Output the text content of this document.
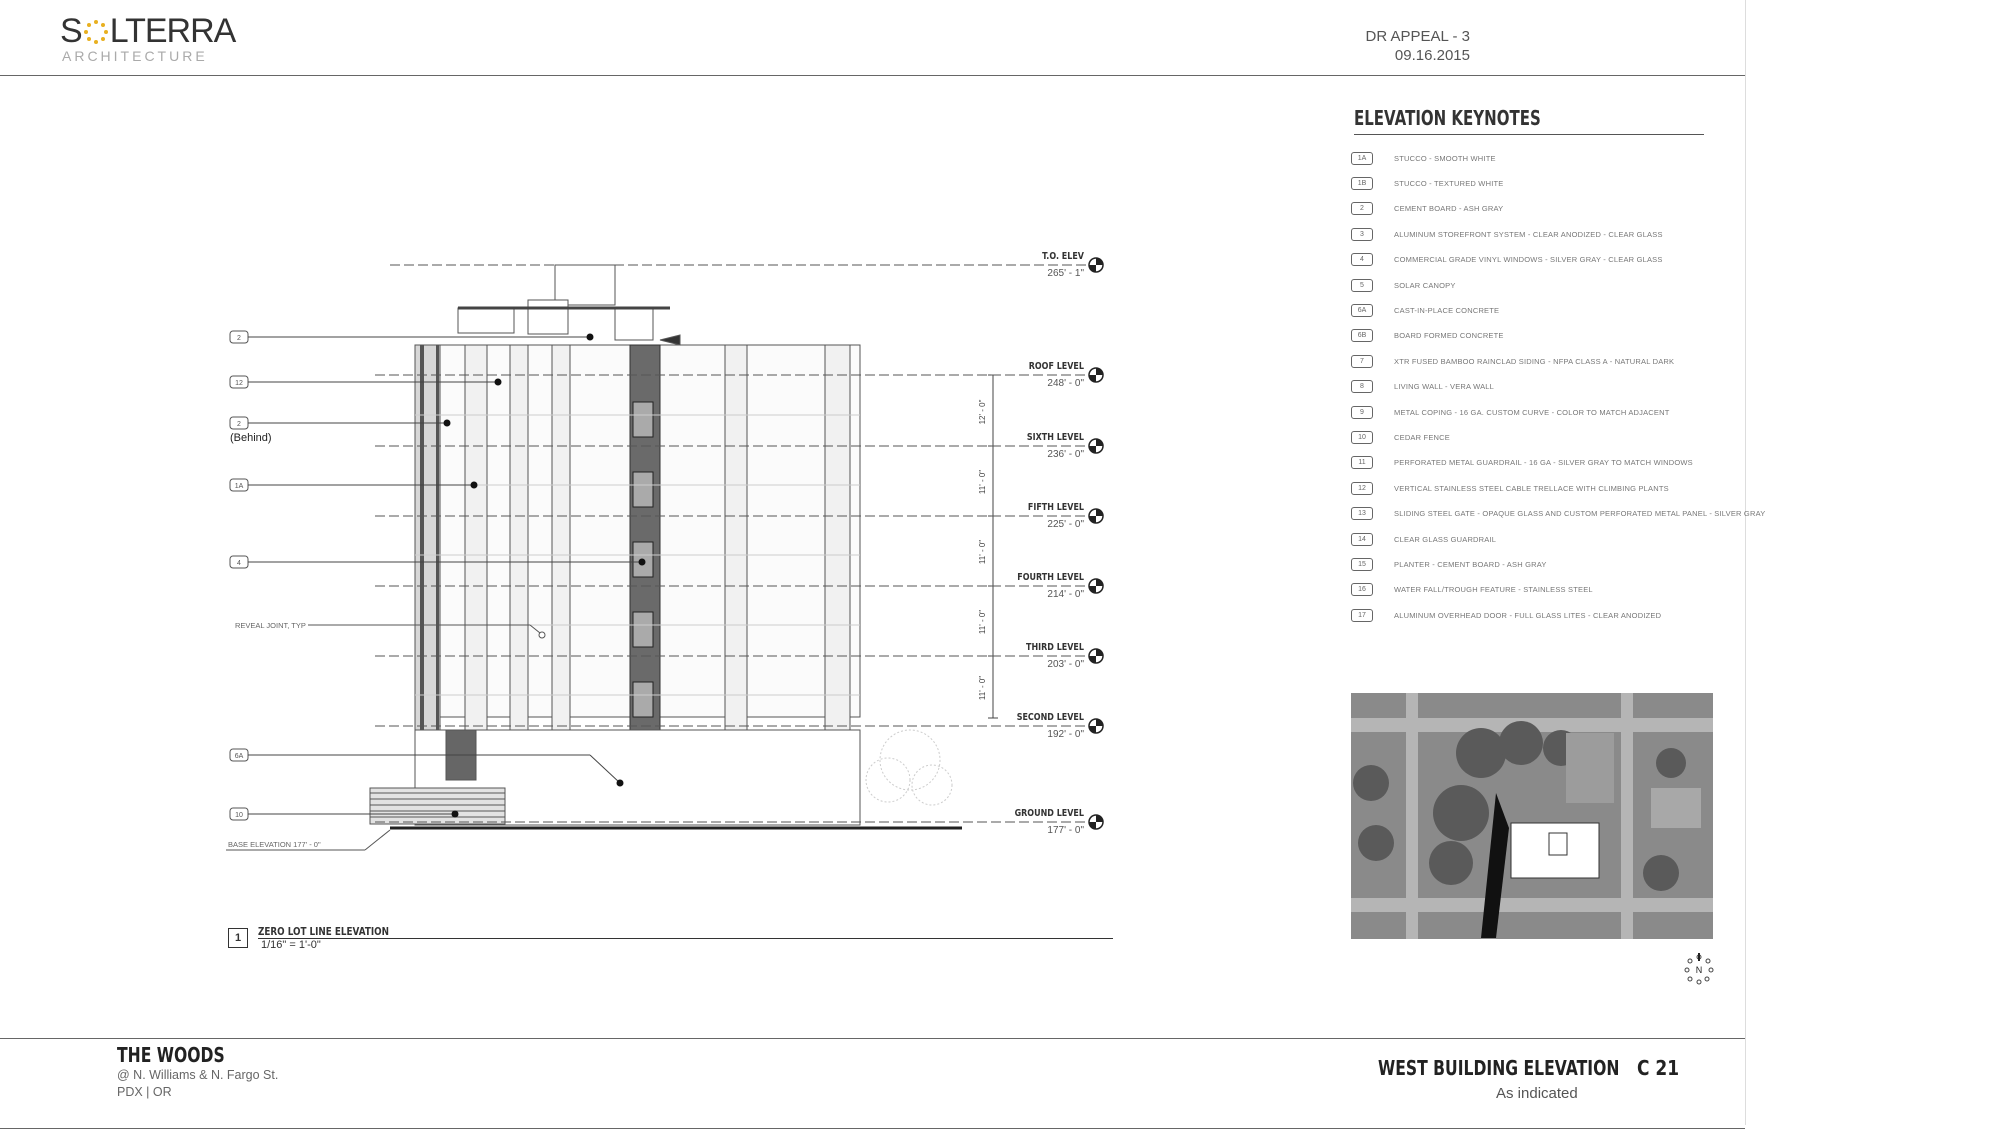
S LTERRA
ARCHITECTURE
DR APPEAL - 3
09.16.2015
12' - 0"
11' - 0"
11' - 0"
11' - 0"
11' - 0"
T.O. ELEV
265' - 1"
ROOF LEVEL
248' - 0"
SIXTH LEVEL
236' - 0"
FIFTH LEVEL
225' - 0"
FOURTH LEVEL
214' - 0"
THIRD LEVEL
203' - 0"
SECOND LEVEL
192' - 0"
GROUND LEVEL
177' - 0"
2
12
2
(Behind)
1A
4
6A
10
REVEAL JOINT, TYP
BASE ELEVATION 177' - 0"
1	ZERO LOT LINE ELEVATION
1/16" = 1'-0"
ELEVATION KEYNOTES
1A	STUCCO - SMOOTH WHITE
1B	STUCCO - TEXTURED WHITE
2	CEMENT BOARD - ASH GRAY
3	ALUMINUM STOREFRONT SYSTEM - CLEAR ANODIZED - CLEAR GLASS
4	COMMERCIAL GRADE VINYL WINDOWS - SILVER GRAY - CLEAR GLASS
5	SOLAR CANOPY
6A	CAST-IN-PLACE CONCRETE
6B	BOARD FORMED CONCRETE
7	XTR FUSED BAMBOO RAINCLAD SIDING - NFPA CLASS A - NATURAL DARK
8	LIVING WALL - VERA WALL
9	METAL COPING - 16 GA. CUSTOM CURVE - COLOR TO MATCH ADJACENT
10	CEDAR FENCE
11	PERFORATED METAL GUARDRAIL - 16 GA - SILVER GRAY TO MATCH WINDOWS
12	VERTICAL STAINLESS STEEL CABLE TRELLACE WITH CLIMBING PLANTS
13	SLIDING STEEL GATE - OPAQUE GLASS AND CUSTOM PERFORATED METAL PANEL - SILVER GRAY
14	CLEAR GLASS GUARDRAIL
15	PLANTER - CEMENT BOARD - ASH GRAY
16	WATER FALL/TROUGH FEATURE - STAINLESS STEEL
17	ALUMINUM OVERHEAD DOOR - FULL GLASS LITES - CLEAR ANODIZED
N
THE WOODS
@ N. Williams & N. Fargo St.
PDX | OR
WEST BUILDING ELEVATION C 21
As indicated
